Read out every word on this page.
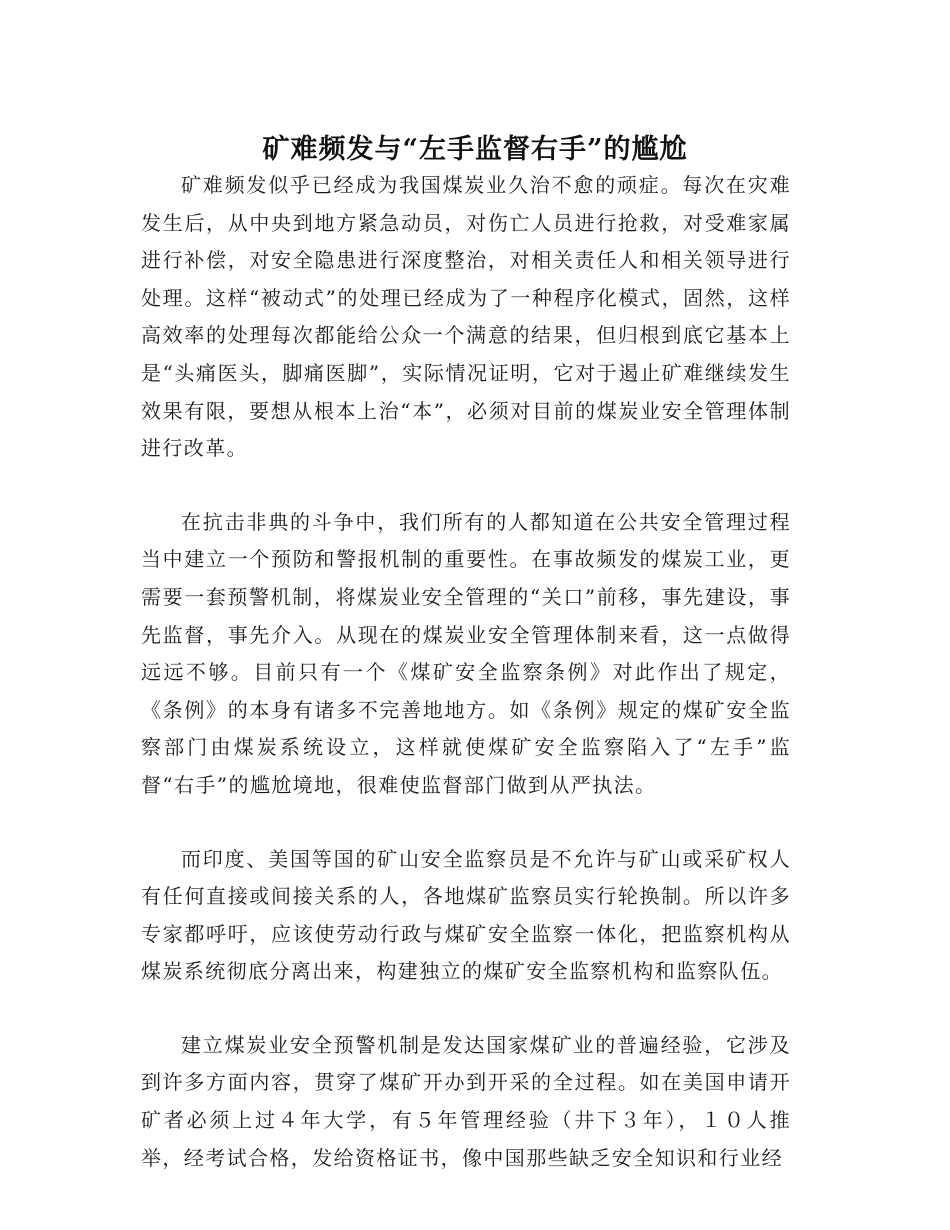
矿难频发与“左手监督右手”的尴尬

矿难频发似乎已经成为我国煤炭业久治不愈的顽症。每次在灾难发生后，从中央到地方紧急动员，对伤亡人员进行抢救，对受难家属进行补偿，对安全隐患进行深度整治，对相关责任人和相关领导进行处理。这样“被动式”的处理已经成为了一种程序化模式，固然，这样高效率的处理每次都能给公众一个满意的结果，但归根到底它基本上是“头痛医头，脚痛医脚”，实际情况证明，它对于遏止矿难继续发生效果有限，要想从根本上治“本”，必须对目前的煤炭业安全管理体制进行改革。

在抗击非典的斗争中，我们所有的人都知道在公共安全管理过程当中建立一个预防和警报机制的重要性。在事故频发的煤炭工业，更需要一套预警机制，将煤炭业安全管理的“关口”前移，事先建设，事先监督，事先介入。从现在的煤炭业安全管理体制来看，这一点做得远远不够。目前只有一个《煤矿安全监察条例》对此作出了规定，《条例》的本身有诸多不完善地地方。如《条例》规定的煤矿安全监察部门由煤炭系统设立，这样就使煤矿安全监察陷入了“左手”监督“右手”的尴尬境地，很难使监督部门做到从严执法。

而印度、美国等国的矿山安全监察员是不允许与矿山或采矿权人有任何直接或间接关系的人，各地煤矿监察员实行轮换制。所以许多专家都呼吁，应该使劳动行政与煤矿安全监察一体化，把监察机构从煤炭系统彻底分离出来，构建独立的煤矿安全监察机构和监察队伍。

建立煤炭业安全预警机制是发达国家煤矿业的普遍经验，它涉及到许多方面内容，贯穿了煤矿开办到开采的全过程。如在美国申请开矿者必须上过４年大学，有５年管理经验（井下３年），１０人推举，经考试合格，发给资格证书，像中国那些缺乏安全知识和行业经
